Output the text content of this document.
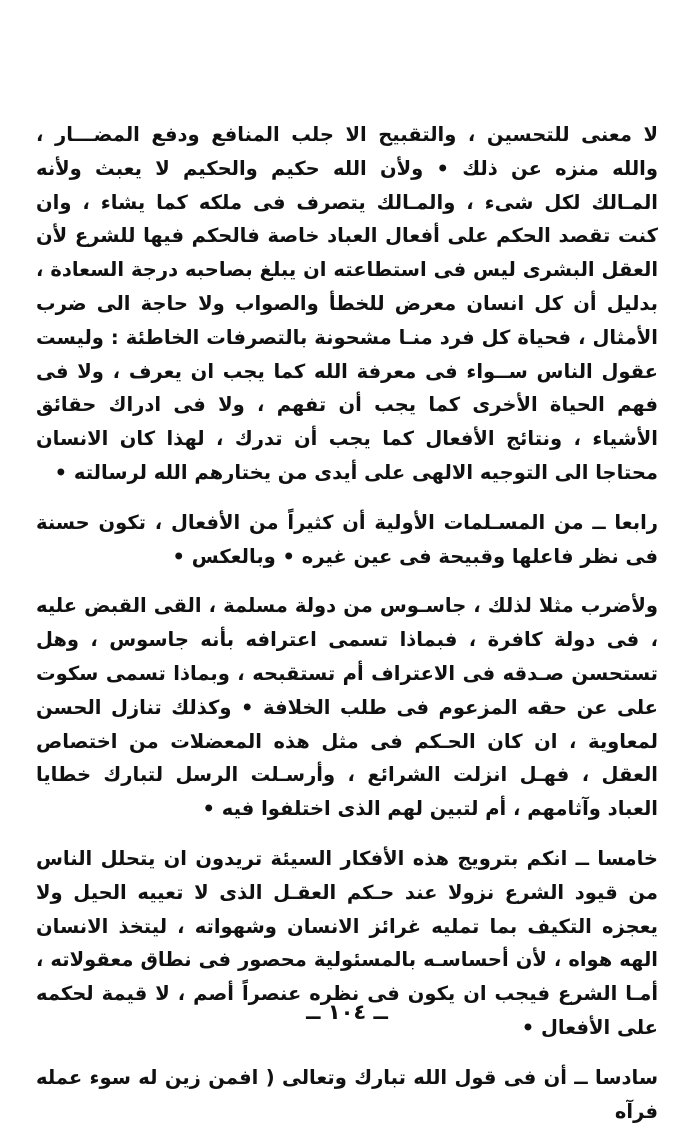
لا معنى للتحسين ، والتقبيح الا جلب المنافع ودفع المضـــار ، والله منزه عن ذلك • ولأن الله حكيم والحكيم لا يعبث ولأنه المـالك لكل شىء ، والمـالك يتصرف فى ملكه كما يشاء ، وان كنت تقصد الحكم على أفعال العباد خاصة فالحكم فيها للشرع لأن العقل البشرى ليس فى استطاعته ان يبلغ بصاحبه درجة السعادة ، بدليل أن كل انسان معرض للخطأ والصواب ولا حاجة الى ضرب الأمثال ، فحياة كل فرد منـا مشحونة بالتصرفات الخاطئة : وليست عقول الناس ســواء فى معرفة الله كما يجب ان يعرف ، ولا فى فهم الحياة الأخرى كما يجب أن تفهم ، ولا فى ادراك حقائق الأشياء ، ونتائج الأفعال كما يجب أن تدرك ، لهذا كان الانسان محتاجا الى التوجيه الالهى على أيدى من يختارهم الله لرسالته •

رابعا ــ من المسـلمات الأولية أن كثيراً من الأفعال ، تكون حسنة فى نظر فاعلها وقبيحة فى عين غيره • وبالعكس •

ولأضرب مثلا لذلك ، جاسـوس من دولة مسلمة ، القى القبض عليه ، فى دولة كافرة ، فبماذا تسمى اعترافه بأنه جاسوس ، وهل تستحسن صـدقه فى الاعتراف أم تستقبحه ، وبماذا تسمى سكوت على عن حقه المزعوم فى طلب الخلافة • وكذلك تنازل الحسن لمعاوية ، ان كان الحـكم فى مثل هذه المعضلات من اختصاص العقل ، فهـل انزلت الشرائع ، وأرسـلت الرسل لتبارك خطايا العباد وآثامهم ، أم لتبين لهم الذى اختلفوا فيه •

خامسا ــ انكم بترويج هذه الأفكار السيئة تريدون ان يتحلل الناس من قيود الشرع نزولا عند حـكم العقـل الذى لا تعييه الحيل ولا يعجزه التكيف بما تمليه غرائز الانسان وشهواته ، ليتخذ الانسان الهه هواه ، لأن أحساسـه بالمسئولية محصور فى نطاق معقولاته ، أمـا الشرع فيجب ان يكون فى نظره عنصراً أصم ، لا قيمة لحكمه على الأفعال •

سادسا ــ أن فى قول الله تبارك وتعالى ( افمن زين له سوء عمله فرآه

ــ ١٠٤ ــ
